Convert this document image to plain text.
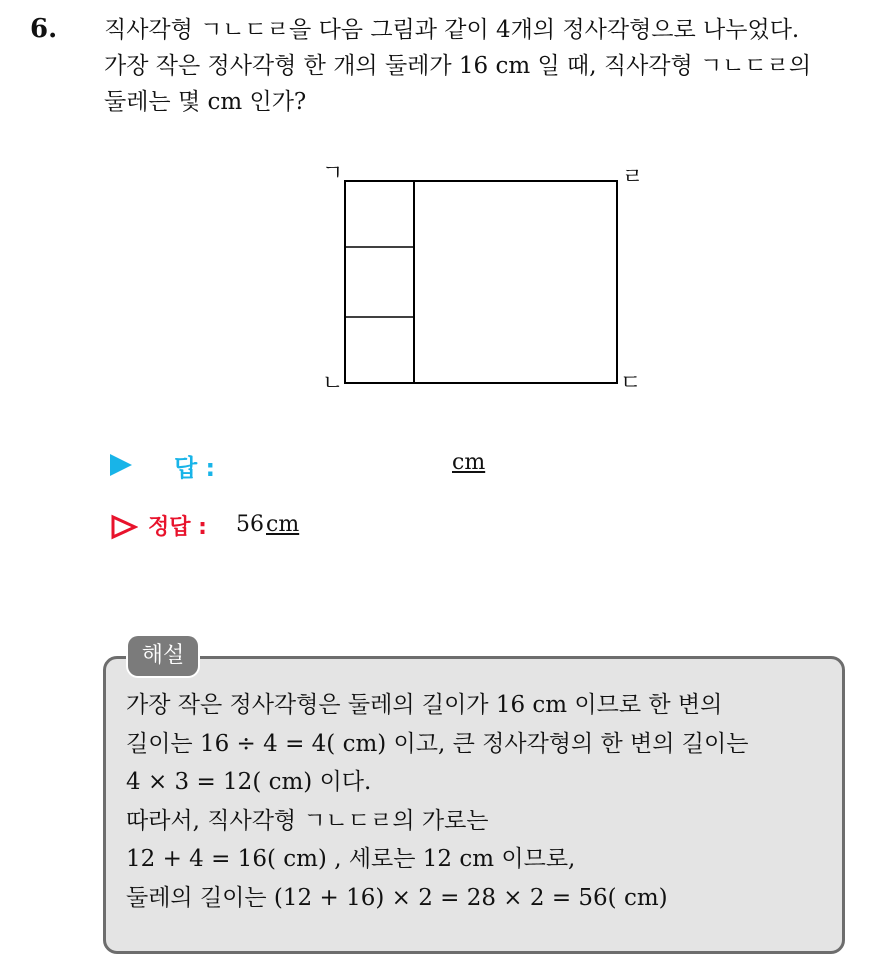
6. 직사각형 ㄱㄴㄷㄹ을 다음 그림과 같이 4개의 정사각형으로 나누었다.
가장 작은 정사각형 한 개의 둘레가 16 cm 일 때, 직사각형 ㄱㄴㄷㄹ의
둘레는 몇 cm 인가?
ㄱ	ㄹ
ㄴ	ㄷ
답 :	cm
정답 : 56cm
해설
가장 작은 정사각형은 둘레의 길이가 16 cm 이므로 한 변의
길이는 16 ÷ 4 = 4( cm) 이고, 큰 정사각형의 한 변의 길이는
4 × 3 = 12( cm) 이다.
따라서, 직사각형 ㄱㄴㄷㄹ의 가로는
12 + 4 = 16( cm) , 세로는 12 cm 이므로,
둘레의 길이는 (12 + 16) × 2 = 28 × 2 = 56( cm)
